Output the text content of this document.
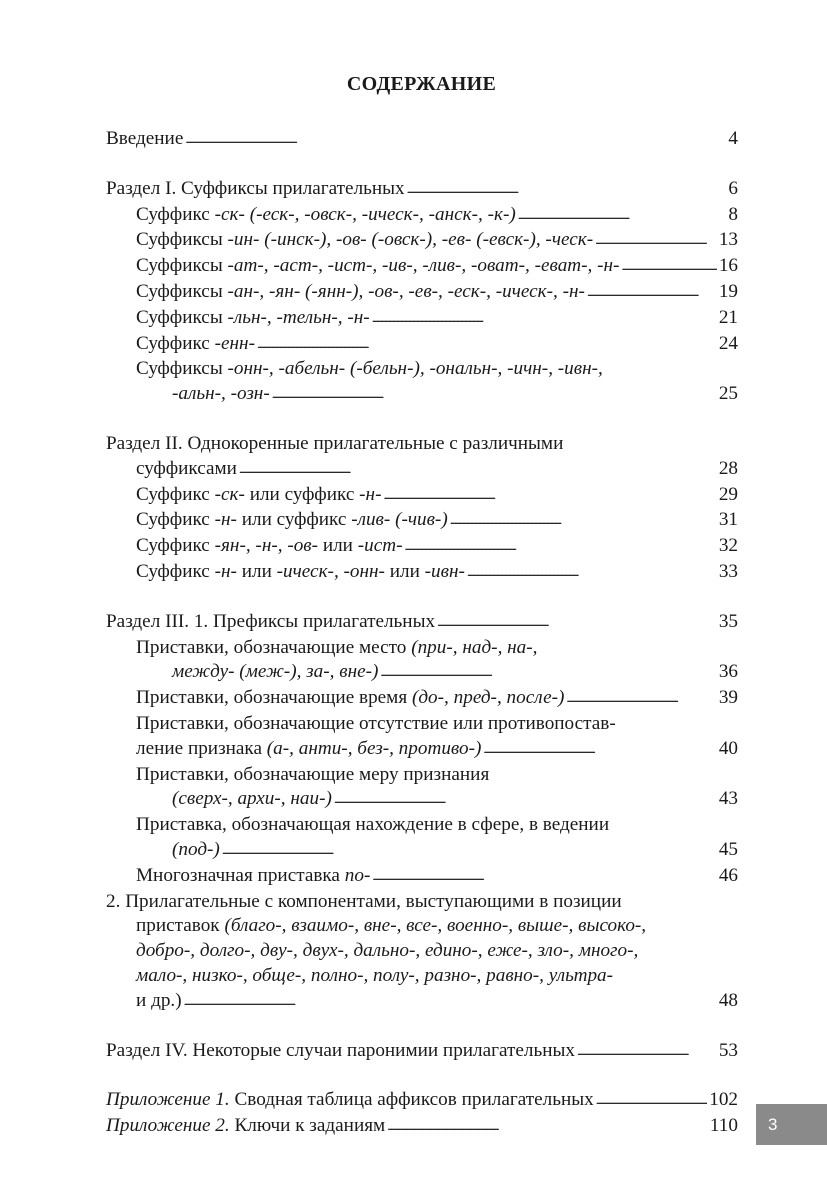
СОДЕРЖАНИЕ
Введение . . .	4
Раздел I. Суффиксы прилагательных . . .	6
Суффикс -ск- (-еск-, -овск-, -ическ-, -анск-, -к-) . . .	8
Суффиксы -ин- (-инск-), -ов- (-овск-), -ев- (-евск-), -ческ- . . .	13
Суффиксы -ат-, -аст-, -ист-, -ив-, -лив-, -оват-, -еват-, -н- . . .	16
Суффиксы -ан-, -ян- (-янн-), -ов-, -ев-, -еск-, -ическ-, -н- . . .	19
Суффиксы -льн-, -тельн-, -н- . . .	21
Суффикс -енн- . . .	24
Суффиксы -онн-, -абельн- (-бельн-), -ональн-, -ичн-, -ивн-,
-альн-, -озн- . . .	25
Раздел II. Однокоренные прилагательные с различными
суффиксами . . .	28
Суффикс -ск- или суффикс -н- . . .	29
Суффикс -н- или суффикс -лив- (-чив-) . . .	31
Суффикс -ян-, -н-, -ов- или -ист- . . .	32
Суффикс -н- или -ическ-, -онн- или -ивн- . . .	33
Раздел III. 1. Префиксы прилагательных . . .	35
Приставки, обозначающие место (при-, над-, на-,
между- (меж-), за-, вне-) . . .	36
Приставки, обозначающие время (до-, пред-, после-) . . .	39
Приставки, обозначающие отсутствие или противопостав-
ление признака (а-, анти-, без-, противо-) . . .	40
Приставки, обозначающие меру признания
(сверх-, архи-, наи-) . . .	43
Приставка, обозначающая нахождение в сфере, в ведении
(под-) . . .	45
Многозначная приставка по- . . .	46
2. Прилагательные с компонентами, выступающими в позиции
приставок (благо-, взаимо-, вне-, все-, военно-, выше-, высоко-,
добро-, долго-, дву-, двух-, дально-, едино-, еже-, зло-, много-,
мало-, низко-, обще-, полно-, полу-, разно-, равно-, ультра-
и др.) . . .	48
Раздел IV. Некоторые случаи паронимии прилагательных . . .	53
Приложение 1. Сводная таблица аффиксов прилагательных . . .	102
Приложение 2. Ключи к заданиям . . .	110	3
